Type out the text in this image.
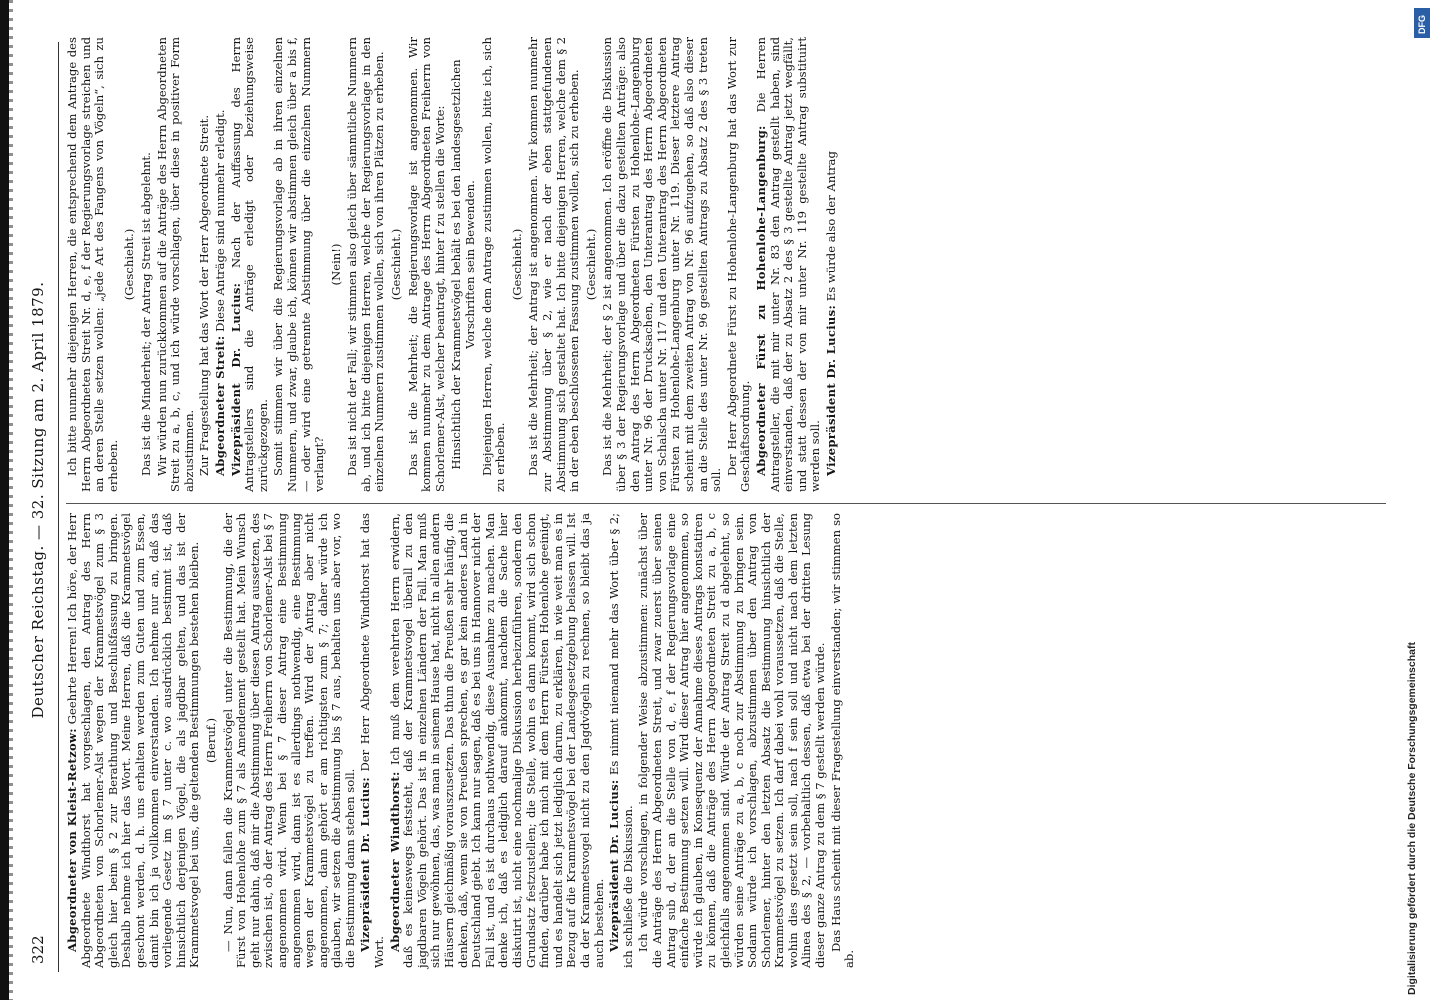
322
Deutscher Reichstag. — 32. Sitzung am 2. April 1879.

Abgeordneter von Kleist-Retzow: Geehrte Herren! Ich höre, der Herr Abgeordnete Windthorst hat vorgeschlagen, den Antrag des Herrn Abgeordneten von Schorlemer-Alst wegen der Krammetsvögel zum § 3 gleich hier beim § 2 zur Berathung und Beschlußfassung zu bringen. Deshalb nehme ich hier das Wort. Meine Herren, daß die Krammetsvögel geschont werden, d. h. uns erhalten werden zum Guten und zum Essen, damit bin ich ja vollkommen einverstanden. Ich nehme nur an, daß das vorliegende Gesetz im § 7 unter c. wo ausdrücklich bestimmt ist, daß hinsichtlich derjenigen Vögel, die als jagdbar gelten, und das ist der Krammetsvogel bei uns, die geltenden Bestimmungen bestehen bleiben. (Beruf.) — Nun, dann fallen die Krammetsvögel unter die Bestimmung, die der Fürst von Hohenlohe zum § 7 als Amendement gestellt hat. Mein Wunsch geht nur dahin, daß mir die Abstimmung über diesen Antrag aussetzen, des zwischen ist, ob der Antrag des Herrn Freiherrn von Schorlemer-Alst bei § 7 angenommen wird. Wenn bei § 7 dieser Antrag eine Bestimmung angenommen wird, dann ist es allerdings nothwendig, eine Bestimmung wegen der Krammetsvögel zu treffen. Wird der Antrag aber nicht angenommen, dann gehört er am richtigsten zum § 7; daher würde ich glauben, wir setzen die Abstimmung bis § 7 aus, behalten uns aber vor, wo die Bestimmung dann stehen soll. Vizepräsident Dr. Lucius: Der Herr Abgeordnete Windthorst hat das Wort. Abgeordneter Windthorst: Ich muß dem verehrten Herrn erwidern, daß es keineswegs feststeht, daß der Krammetsvogel überall zu den jagdbaren Vögeln gehört. Das ist in einzelnen Ländern der Fall. Man muß sich nur gewöhnen, das, was man in seinem Hause hat, nicht in allen andern Häusern gleichmäßig vorauszusetzen. Das thun die Preußen sehr häufig, die denken, daß, wenn sie von Preußen sprechen, es gar kein anderes Land in Deutschland giebt. Ich kann nur sagen, daß es bei uns in Hannover nicht der Fall ist, und es ist durchaus nothwendig, diese Ausnahme zu machen. Man denke ich, daß es lediglich darauf ankommt, nachdem die Sache hier diskutirt ist, nicht eine nochmalige Diskussion herbeizuführen, sondern den Grundsatz festzustellen; die Stelle, wohin es dann kommt, wird sich schon finden, darüber habe ich mich mit dem Herrn Fürsten Hohenlohe geeinigt, und es handelt sich jetzt lediglich darum, zu erklären, in wie weit man es in Bezug auf die Krammetsvögel bei der Landesgesetzgebung belassen will. Ist da der Krammetsvogel nicht zu den Jagdvögeln zu rechnen, so bleibt das ja auch bestehen. Vizepräsident Dr. Lucius: Es nimmt niemand mehr das Wort über § 2; ich schließe die Diskussion. Ich würde vorschlagen, in folgender Weise abzustimmen: zunächst über die Anträge des Herrn Abgeordneten Streit, und zwar zuerst über seinen Antrag sub d, der an die Stelle von d, e, f der Regierungsvorlage eine einfache Bestimmung setzen will. Wird dieser Antrag hier angenommen, so würde ich glauben, in Konsequenz der Annahme dieses Antrags konstatiren zu können, daß die Anträge des Herrn Abgeordneten Streit zu a, b, c gleichfalls angenommen sind. Würde der Antrag Streit zu d abgelehnt, so würden seine Anträge zu a, b, c noch zur Abstimmung zu bringen sein. Sodann würde ich vorschlagen, abzustimmen über den Antrag von Schorlemer, hinter den letzten Absatz die Bestimmung hinsichtlich der Krammetsvögel zu setzen. Ich darf dabei wohl voraussetzen, daß die Stelle, wohin dies gesetzt sein soll, nach f sein soll und nicht nach dem letzten Alinea des § 2, — vorbehaltlich dessen, daß etwa bei der dritten Lesung dieser ganze Antrag zu dem § 7 gestellt werden würde. Das Haus scheint mit dieser Fragestellung einverstanden; wir stimmen so ab.

Ich bitte nunmehr diejenigen Herren, die entsprechend dem Antrage des Herrn Abgeordneten Streit Nr. d, e, f der Regierungsvorlage streichen und an deren Stelle setzen wollen: „jede Art des Fangens von Vögeln“, sich zu erheben.

(Geschieht.) Das ist die Minderheit; der Antrag Streit ist abgelehnt. Wir würden nun zurückkommen auf die Anträge des Herrn Abgeordneten Streit zu a, b, c, und ich würde vorschlagen, über diese in positiver Form abzustimmen. Zur Fragestellung hat das Wort der Herr Abgeordnete Streit. Abgeordneter Streit: Diese Anträge sind nunmehr erledigt.

Vizepräsident Dr. Lucius: Nach der Auffassung des Herrn Antragstellers sind die Anträge erledigt oder beziehungsweise zurückgezogen. Somit stimmen wir über die Regierungsvorlage ab in ihren einzelnen Nummern, und zwar, glaube ich, können wir abstimmen gleich über a bis f, — oder wird eine getrennte Abstimmung über die einzelnen Nummern verlangt?

(Nein!) Das ist nicht der Fall; wir stimmen also gleich über sämmtliche Nummern ab, und ich bitte diejenigen Herren, welche der Regierungsvorlage in den einzelnen Nummern zustimmen wollen, sich von ihren Plätzen zu erheben. (Geschieht.) Das ist die Mehrheit; die Regierungsvorlage ist angenommen. Wir kommen nunmehr zu dem Antrage des Herrn Abgeordneten Freiherrn von Schorlemer-Alst, welcher beantragt, hinter f zu stellen die Worte: Hinsichtlich der Krammetsvögel behält es bei den landesgesetzlichen Vorschriften sein Bewenden. Diejenigen Herren, welche dem Antrage zustimmen wollen, bitte ich, sich zu erheben.

(Geschieht.) Das ist die Mehrheit; der Antrag ist angenommen. Wir kommen nunmehr zur Abstimmung über § 2, wie er nach der eben stattgefundenen Abstimmung sich gestaltet hat. Ich bitte diejenigen Herren, welche dem § 2 in der eben beschlossenen Fassung zustimmen wollen, sich zu erheben. (Geschieht.) Das ist die Mehrheit; der § 2 ist angenommen. Ich eröffne die Diskussion über § 3 der Regierungsvorlage und über die dazu gestellten Anträge: also den Antrag des Herrn Abgeordneten Fürsten zu Hohenlohe-Langenburg unter Nr. 96 der Drucksachen, den Unterantrag des Herrn Abgeordneten von Schalscha unter Nr. 117 und den Unterantrag des Herrn Abgeordneten Fürsten zu Hohenlohe-Langenburg unter Nr. 119. Dieser letztere Antrag scheint mit dem zweiten Antrag von Nr. 96 aufzugehen, so daß also dieser an die Stelle des unter Nr. 96 gestellten Antrags zu Absatz 2 des § 3 treten soll.

Der Herr Abgeordnete Fürst zu Hohenlohe-Langenburg hat das Wort zur Geschäftsordnung. Abgeordneter Fürst zu Hohenlohe-Langenburg: Die Herren Antragsteller, die mit mir unter Nr. 83 den Antrag gestellt haben, sind einverstanden, daß der zu Absatz 2 des § 3 gestellte Antrag jetzt wegfällt, und statt dessen der von mir unter Nr. 119 gestellte Antrag substituirt werden soll. Vizepräsident Dr. Lucius: Es würde also der Antrag

Digitalisierung gefördert durch die Deutsche Forschungsgemeinschaft
DFG
